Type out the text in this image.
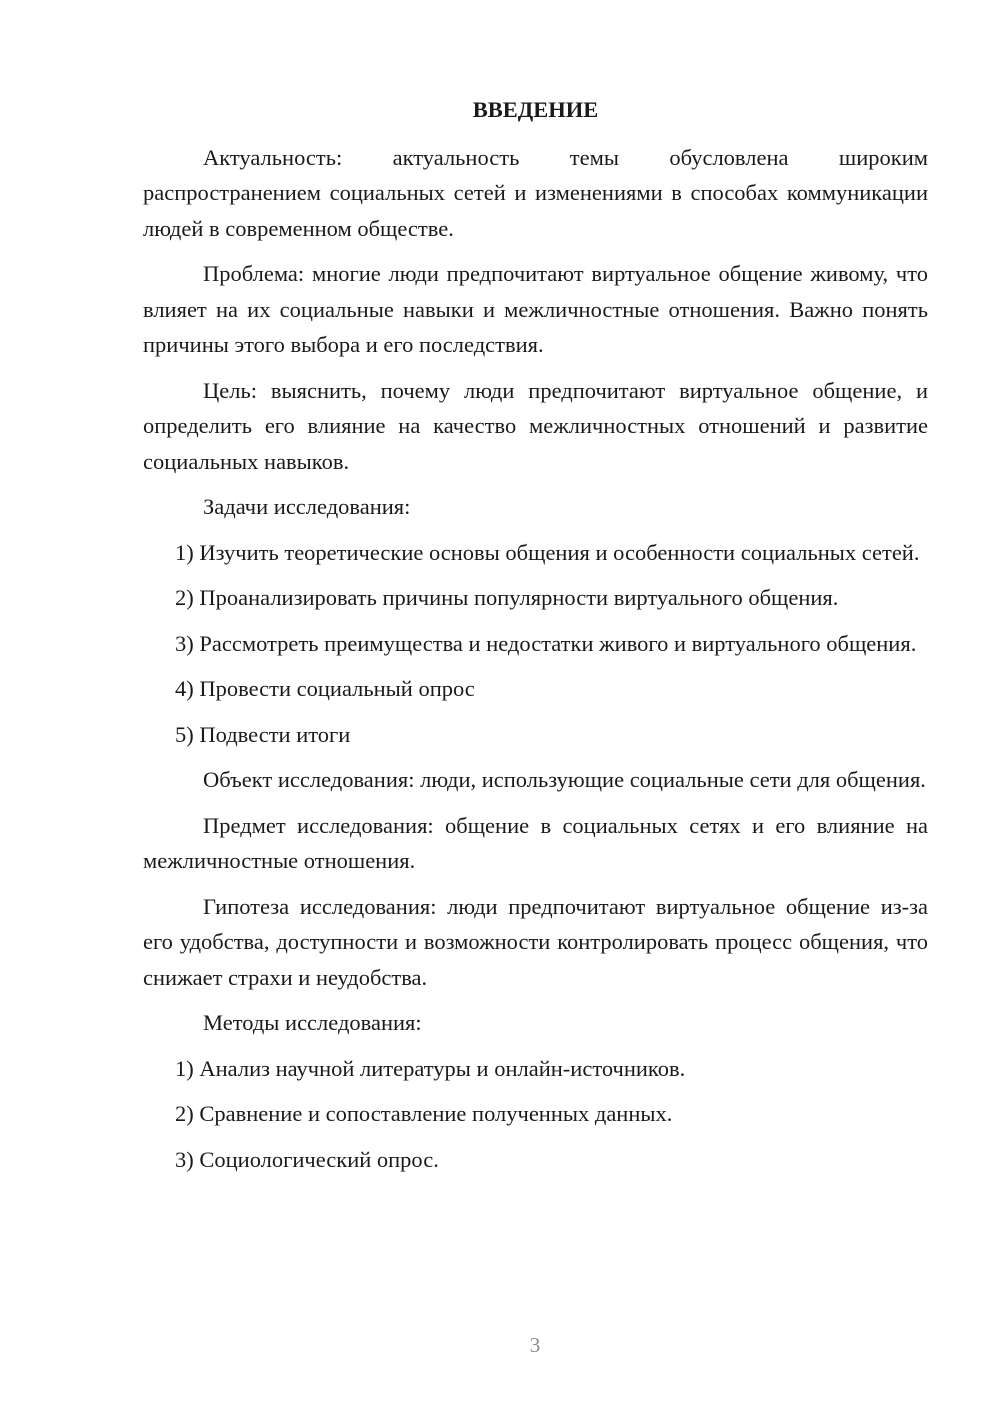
ВВЕДЕНИЕ
Актуальность: актуальность темы обусловлена широким распространением социальных сетей и изменениями в способах коммуникации людей в современном обществе.
Проблема: многие люди предпочитают виртуальное общение живому, что влияет на их социальные навыки и межличностные отношения. Важно понять причины этого выбора и его последствия.
Цель: выяснить, почему люди предпочитают виртуальное общение, и определить его влияние на качество межличностных отношений и развитие социальных навыков.
Задачи исследования:
1) Изучить теоретические основы общения и особенности социальных сетей.
2) Проанализировать причины популярности виртуального общения.
3) Рассмотреть преимущества и недостатки живого и виртуального общения.
4) Провести социальный опрос
5) Подвести итоги
Объект исследования: люди, использующие социальные сети для общения.
Предмет исследования: общение в социальных сетях и его влияние на межличностные отношения.
Гипотеза исследования: люди предпочитают виртуальное общение из-за его удобства, доступности и возможности контролировать процесс общения, что снижает страхи и неудобства.
Методы исследования:
1) Анализ научной литературы и онлайн-источников.
2) Сравнение и сопоставление полученных данных.
3) Социологический опрос.
3
